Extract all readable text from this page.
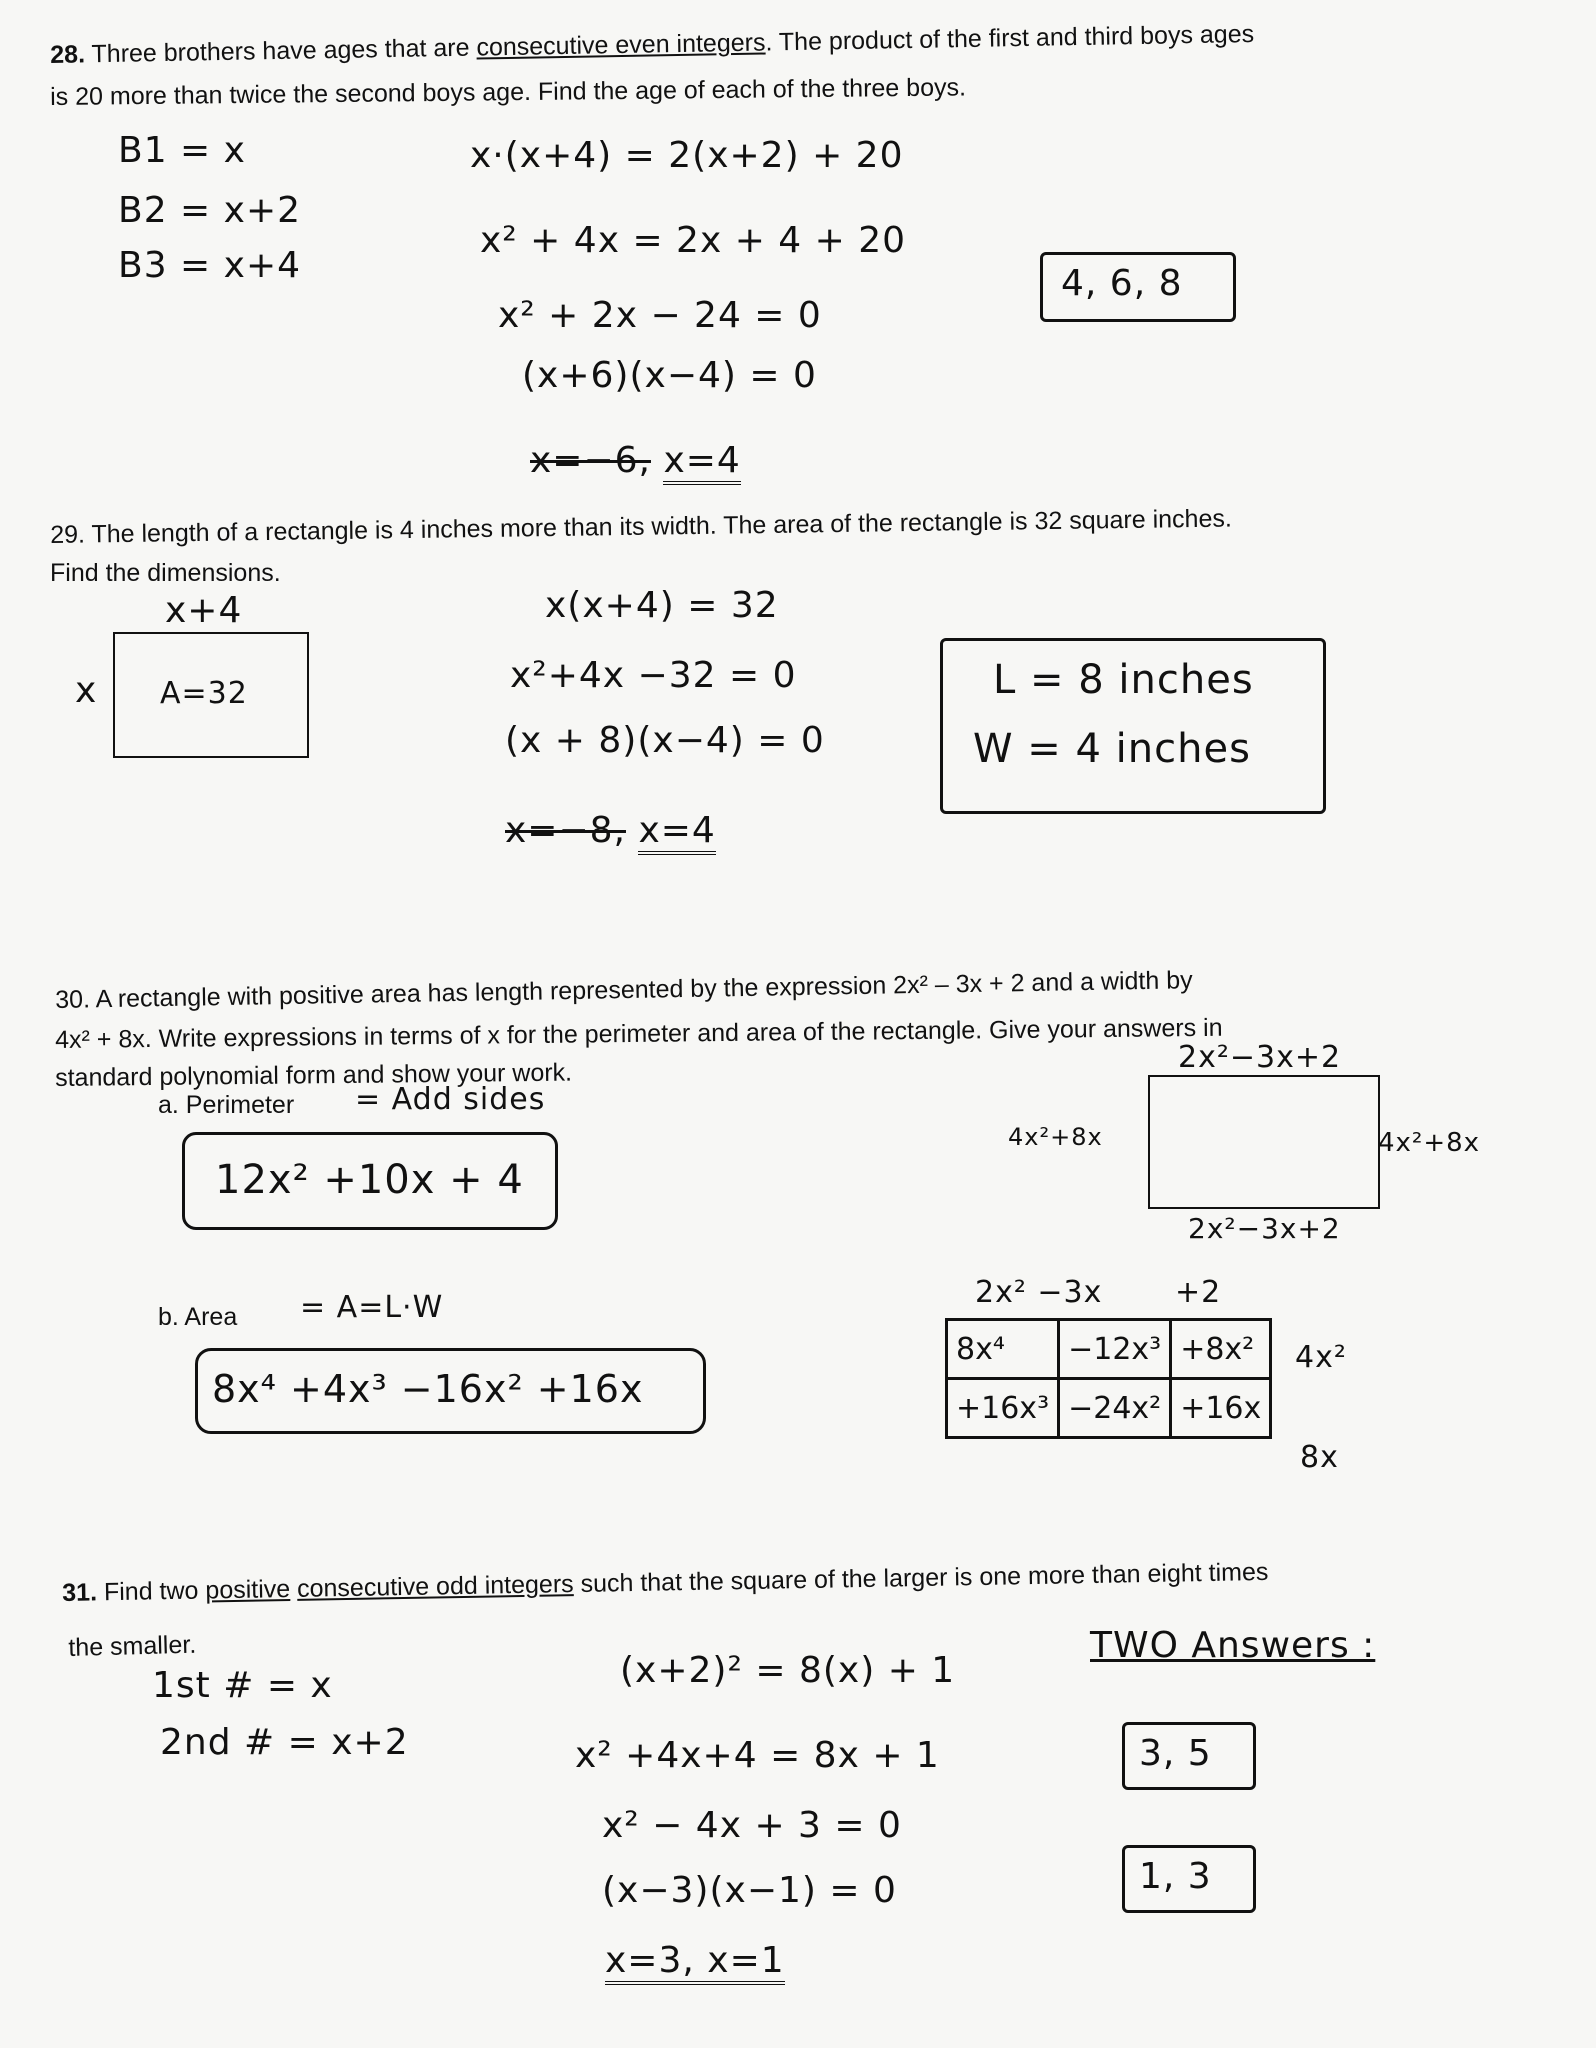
28. Three brothers have ages that are consecutive even integers. The product of the first and third boys ages
is 20 more than twice the second boys age. Find the age of each of the three boys.
B1 = x
B2 = x+2
B3 = x+4
x·(x+4) = 2(x+2) + 20
x² + 4x = 2x + 4 + 20
x² + 2x − 24 = 0
(x+6)(x−4) = 0
x=−6, x=4
4, 6, 8
29. The length of a rectangle is 4 inches more than its width. The area of the rectangle is 32 square inches.
Find the dimensions.
x+4
x A=32
x(x+4) = 32
x²+4x −32 = 0
(x + 8)(x−4) = 0
x=−8, x=4
L = 8 inches
W = 4 inches
30. A rectangle with positive area has length represented by the expression 2x² – 3x + 2 and a width by
4x² + 8x. Write expressions in terms of x for the perimeter and area of the rectangle. Give your answers in
standard polynomial form and show your work.
a. Perimeter = Add sides
12x² +10x + 4
b. Area = A=L·W
8x⁴ +4x³ −16x² +16x
2x²−3x+2
4x²+8x	4x²+8x
2x²−3x+2
2x² −3x +2
8x⁴	−12x³	+8x²
+16x³	−24x²	+16x
4x²
8x
31. Find two positive consecutive odd integers such that the square of the larger is one more than eight times
the smaller.
1st # = x
2nd # = x+2
(x+2)² = 8(x) + 1
x² +4x+4 = 8x + 1
x² − 4x + 3 = 0
(x−3)(x−1) = 0
x=3, x=1
TWO Answers :
3, 5
1, 3
